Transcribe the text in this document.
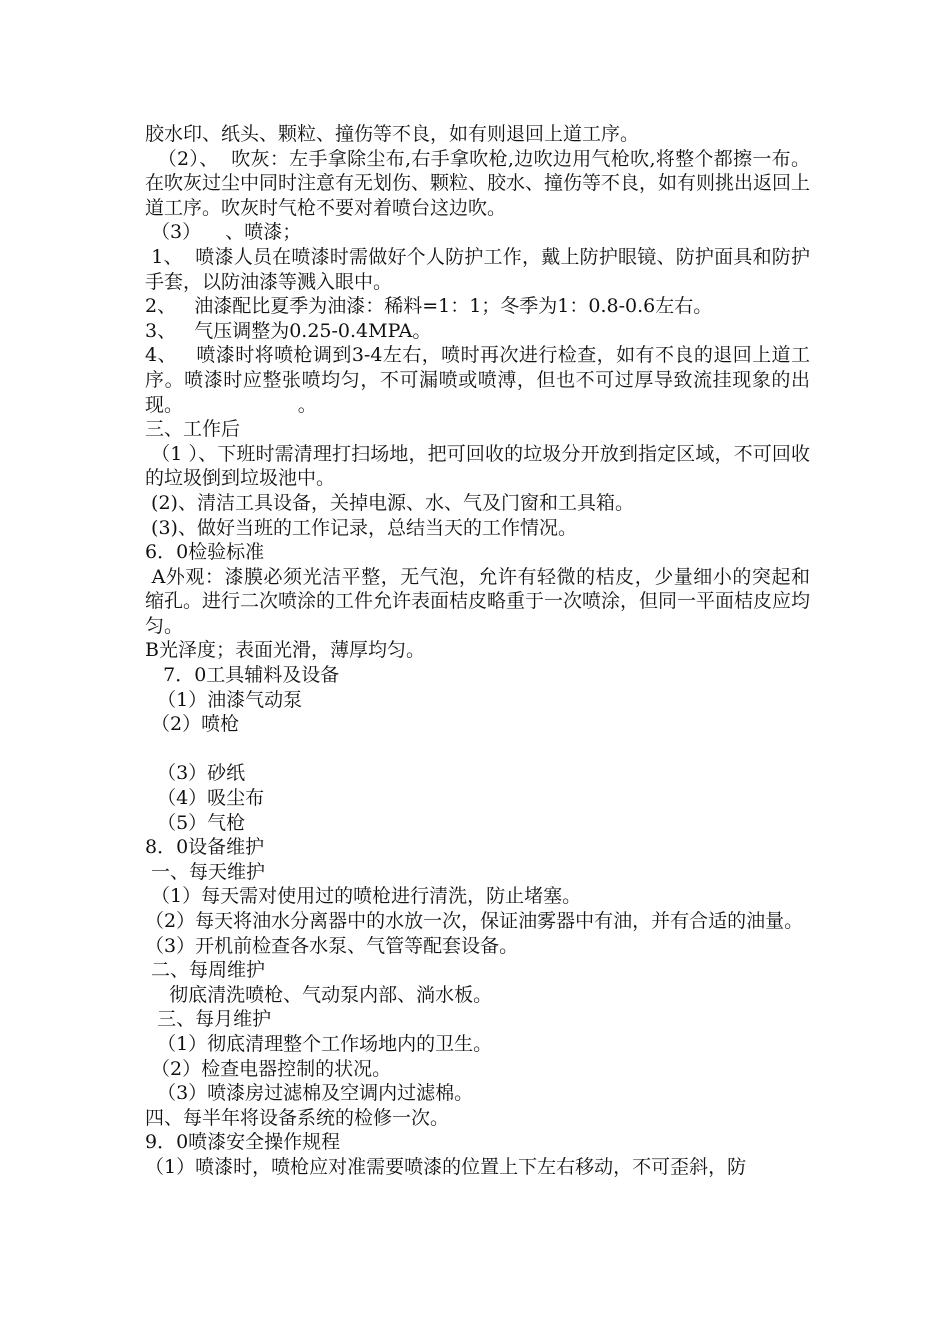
胶水印、纸头、颗粒、撞伤等不良，如有则退回上道工序。

（2）、  吹灰：左手拿除尘布,右手拿吹枪,边吹边用气枪吹,将整个都擦一布。在吹灰过尘中同时注意有无划伤、颗粒、胶水、撞伤等不良，如有则挑出返回上道工序。吹灰时气枪不要对着喷台这边吹。

（3）    、喷漆；

1、  喷漆人员在喷漆时需做好个人防护工作，戴上防护眼镜、防护面具和防护手套，以防油漆等溅入眼中。

2、   油漆配比夏季为油漆：稀料=1：1；冬季为1：0.8-0.6左右。

3、   气压调整为0.25-0.4MPA。

4、   喷漆时将喷枪调到3-4左右，喷时再次进行检查，如有不良的退回上道工序。喷漆时应整张喷均匀，不可漏喷或喷溥，但也不可过厚导致流挂现象的出现。                   。

三、工作后

（1 ）、下班时需清理打扫场地，把可回收的垃圾分开放到指定区域，不可回收的垃圾倒到垃圾池中。

(2)、清洁工具设备，关掉电源、水、气及门窗和工具箱。

(3)、做好当班的工作记录，总结当天的工作情况。

6．0检验标准

A外观：漆膜必须光洁平整，无气泡，允许有轻微的桔皮，少量细小的突起和缩孔。进行二次喷涂的工件允许表面桔皮略重于一次喷涂，但同一平面桔皮应均匀。

B光泽度；表面光滑，薄厚均匀。

7．0工具辅料及设备

（1）油漆气动泵

（2）喷枪

（3）砂纸

（4）吸尘布

（5）气枪

8．0设备维护

一、每天维护

（1）每天需对使用过的喷枪进行清洗，防止堵塞。

（2）每天将油水分离器中的水放一次，保证油雾器中有油，并有合适的油量。

（3）开机前检查各水泵、气管等配套设备。

二、每周维护

彻底清洗喷枪、气动泵内部、淌水板。

三、每月维护

（1）彻底清理整个工作场地内的卫生。

（2）检查电器控制的状况。

（3）喷漆房过滤棉及空调内过滤棉。

四、每半年将设备系统的检修一次。

9．0喷漆安全操作规程

（1）喷漆时，喷枪应对准需要喷漆的位置上下左右移动，不可歪斜，防
